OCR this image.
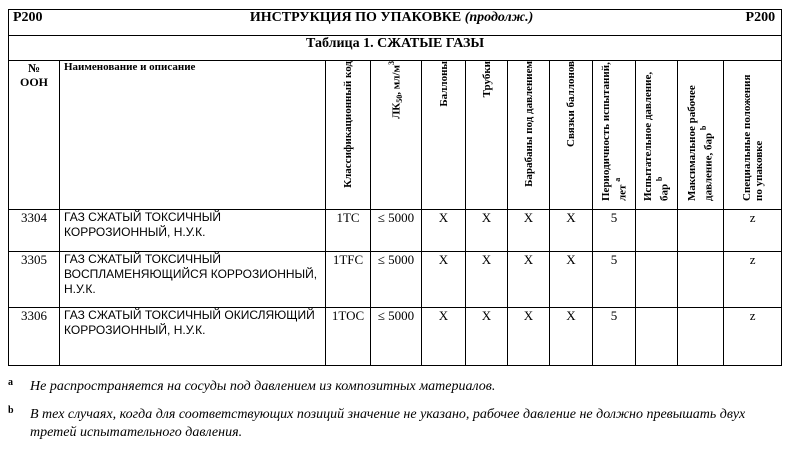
P200	ИНСТРУКЦИЯ ПО УПАКОВКЕ (продолж.)										P200
Таблица 1. СЖАТЫЕ ГАЗЫ											
№
ООН	Наименование и описание	Классификационный код	$ЛК_{50}$, $мл/м^3$	Баллоны	Трубки	Барабаны под давлением	Связки баллонов	Периодичность испытаний, лет $^a$	Испытательное давление, бар $^b$	Максимальное рабочее давление, бар $^b$	Специальные положения по упаковке

3304	ГАЗ СЖАТЫЙ ТОКСИЧНЫЙ КОРРОЗИОННЫЙ, Н.У.К.	1TC	≤ 5000	X	X	X	X	5			z
3305	ГАЗ СЖАТЫЙ ТОКСИЧНЫЙ ВОСПЛАМЕНЯЮЩИЙСЯ КОРРОЗИОННЫЙ, Н.У.К.	1TFC	≤ 5000	X	X	X	X	5			z
3306	ГАЗ СЖАТЫЙ ТОКСИЧНЫЙ ОКИСЛЯЮЩИЙ КОРРОЗИОННЫЙ, Н.У.К.	1TOC	≤ 5000	X	X	X	X	5			z
a Не распространяется на сосуды под давлением из композитных материалов.
b В тех случаях, когда для соответствующих позиций значение не указано, рабочее давление не должно превышать двух третей испытательного давления.
